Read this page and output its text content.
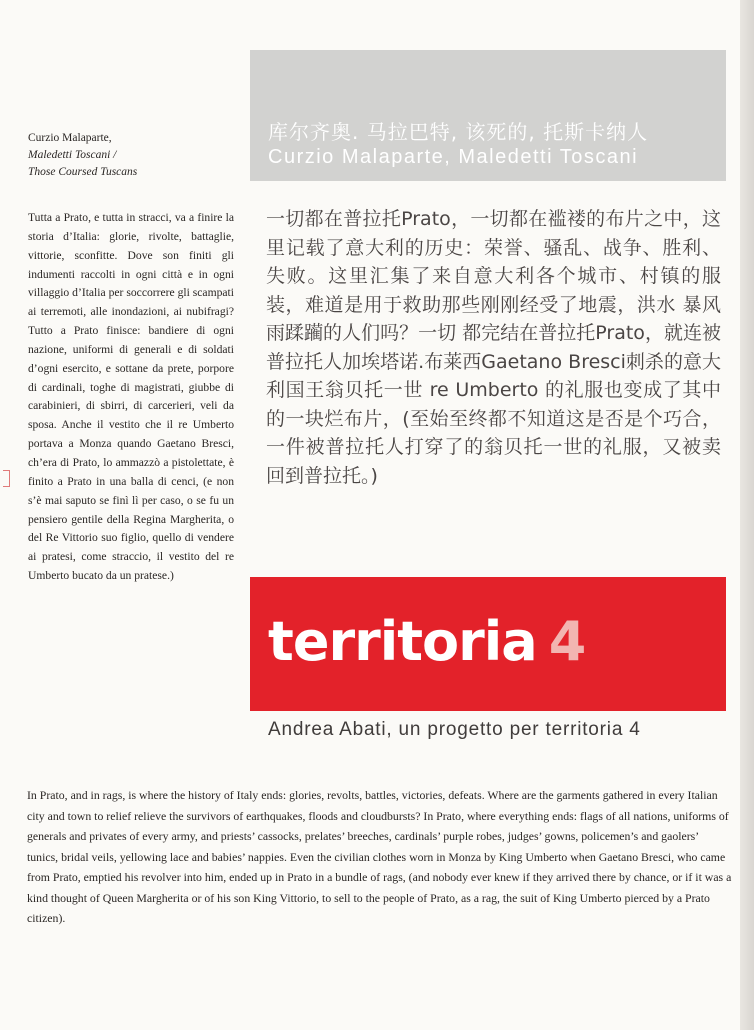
库尔齐奥. 马拉巴特, 该死的, 托斯卡纳人
Curzio Malaparte, Maledetti Toscani
Curzio Malaparte,
Maledetti Toscani /
Those Coursed Tuscans
Tutta a Prato, e tutta in stracci, va a finire la storia d’Italia: glorie, rivolte, battaglie, vittorie, sconfitte. Dove son finiti gli indumenti raccolti in ogni città e in ogni villaggio d’Italia per soccorrere gli scampati ai terremoti, alle inondazioni, ai nubifragi? Tutto a Prato finisce: bandiere di ogni nazione, uniformi di generali e di soldati d’ogni esercito, e sottane da prete, porpore di cardinali, toghe di magistrati, giubbe di carabinieri, di sbirri, di carcerieri, veli da sposa. Anche il vestito che il re Umberto portava a Monza quando Gaetano Bresci, ch’era di Prato, lo ammazzò a pistolettate, è finito a Prato in una balla di cenci, (e non s’è mai saputo se finì lì per caso, o se fu un pensiero gentile della Regina Margherita, o del Re Vittorio suo figlio, quello di vendere ai pratesi, come straccio, il vestito del re Umberto bucato da un pratese.)
一切都在普拉托Prato，一切都在褴褛的布片之中，这里记载了意大利的历史：荣誉、骚乱、战争、胜利、失败。这里汇集了来自意大利各个城市、村镇的服装，难道是用于救助那些刚刚经受了地震，洪水 暴风雨蹂躏的人们吗？一切 都完结在普拉托Prato，就连被普拉托人加埃塔诺.布莱西Gaetano Bresci刺杀的意大利国王翁贝托一世 re Umberto 的礼服也变成了其中的一块烂布片，(至始至终都不知道这是否是个巧合，一件被普拉托人打穿了的翁贝托一世的礼服，又被卖回到普拉托。)
territoria 4
Andrea Abati, un progetto per territoria 4
In Prato, and in rags, is where the history of Italy ends: glories, revolts, battles, victories, defeats. Where are the garments gathered in every Italian city and town to relief relieve the survivors of earthquakes, floods and cloudbursts? In Prato, where everything ends: flags of all nations, uniforms of generals and privates of every army, and priests’ cassocks, prelates’ breeches, cardinals’ purple robes, judges’ gowns, policemen’s and gaolers’ tunics, bridal veils, yellowing lace and babies’ nappies. Even the civilian clothes worn in Monza by King Umberto when Gaetano Bresci, who came from Prato, emptied his revolver into him, ended up in Prato in a bundle of rags, (and nobody ever knew if they arrived there by chance, or if it was a kind thought of Queen Margherita or of his son King Vittorio, to sell to the people of Prato, as a rag, the suit of King Umberto pierced by a Prato citizen).
